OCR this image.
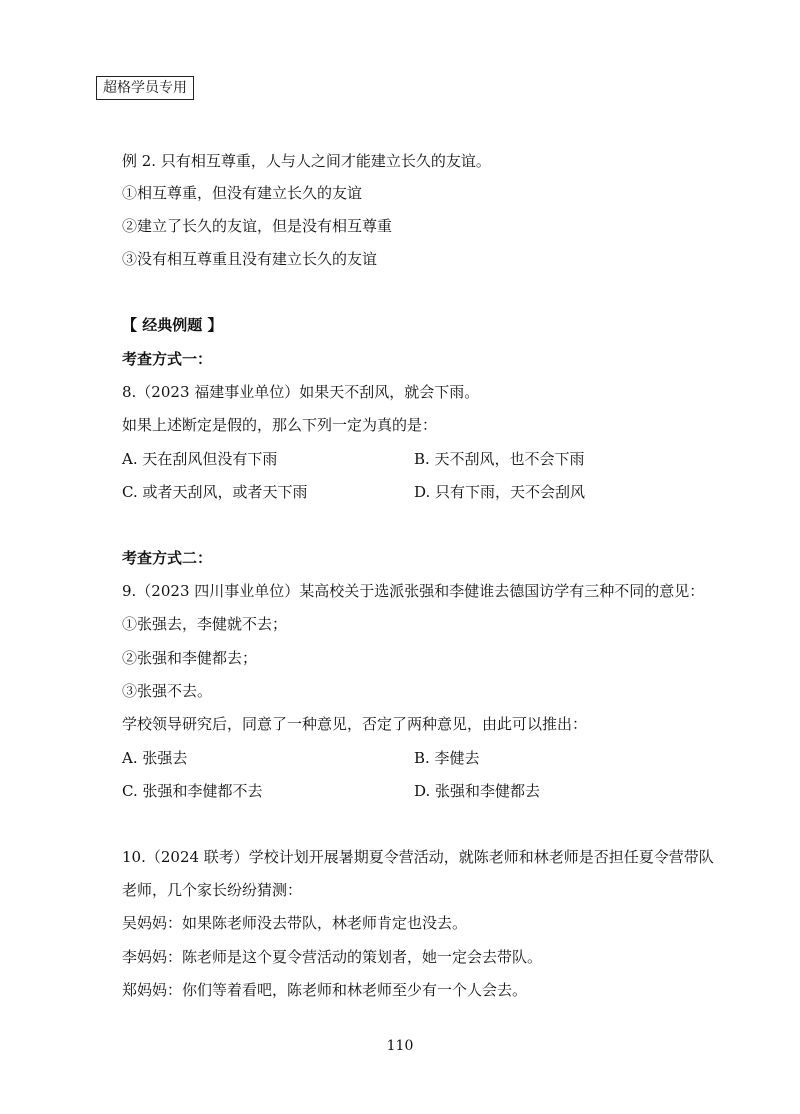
超格学员专用
例 2. 只有相互尊重，人与人之间才能建立长久的友谊。
①相互尊重，但没有建立长久的友谊
②建立了长久的友谊，但是没有相互尊重
③没有相互尊重且没有建立长久的友谊
【 经典例题 】
考查方式一：
8.（2023 福建事业单位）如果天不刮风，就会下雨。
如果上述断定是假的，那么下列一定为真的是：
A. 天在刮风但没有下雨	B. 天不刮风，也不会下雨
C. 或者天刮风，或者天下雨	D. 只有下雨，天不会刮风
考查方式二：
9.（2023 四川事业单位）某高校关于选派张强和李健谁去德国访学有三种不同的意见：
①张强去，李健就不去；
②张强和李健都去；
③张强不去。
学校领导研究后，同意了一种意见，否定了两种意见，由此可以推出：
A. 张强去	B. 李健去
C. 张强和李健都不去	D. 张强和李健都去
10.（2024 联考）学校计划开展暑期夏令营活动，就陈老师和林老师是否担任夏令营带队
老师，几个家长纷纷猜测：
吴妈妈：如果陈老师没去带队，林老师肯定也没去。
李妈妈：陈老师是这个夏令营活动的策划者，她一定会去带队。
郑妈妈：你们等着看吧，陈老师和林老师至少有一个人会去。
110
